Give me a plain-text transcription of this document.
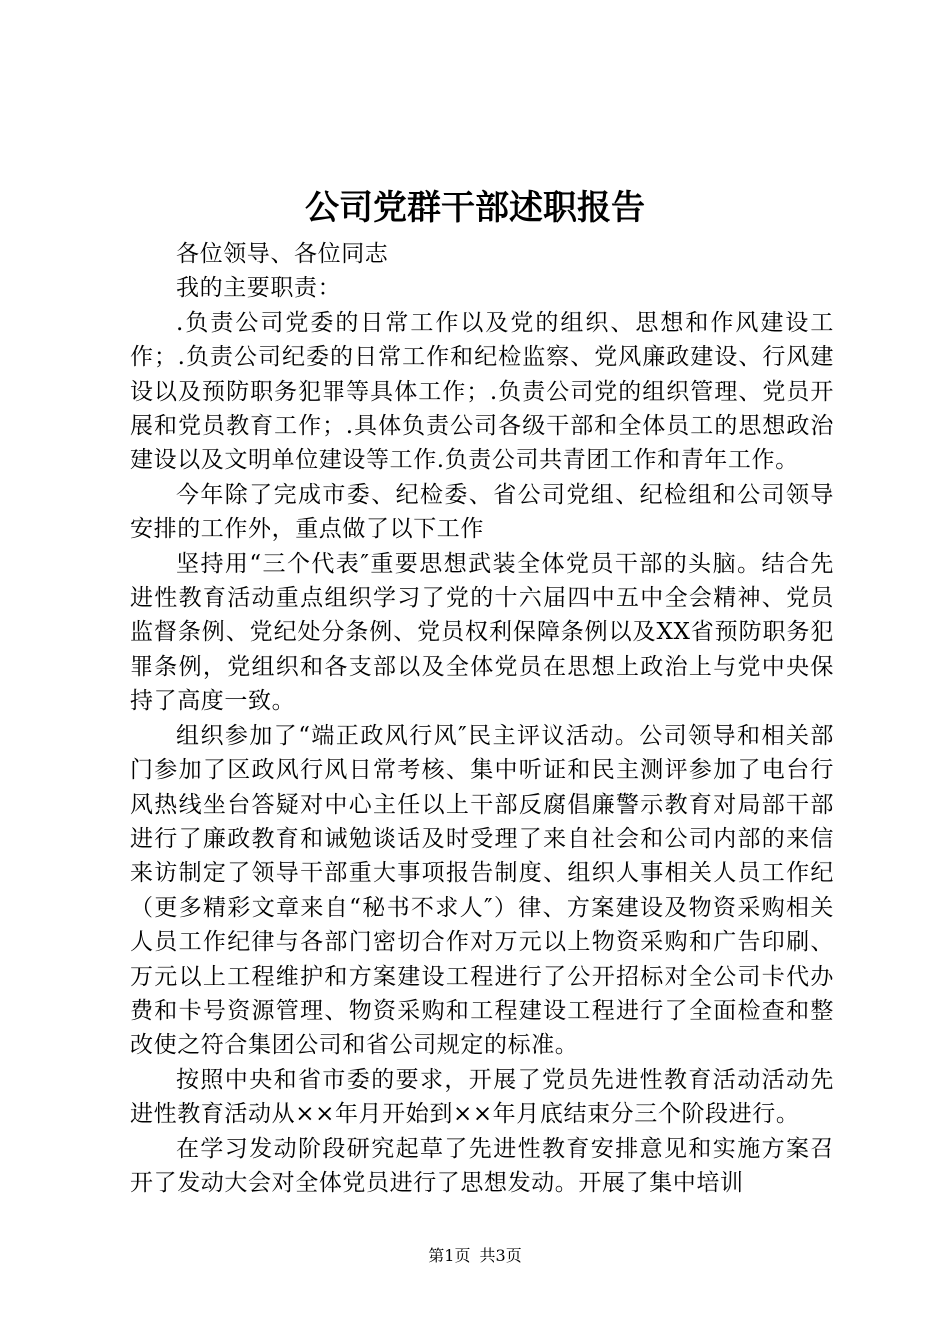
公司党群干部述职报告

各位领导、各位同志

我的主要职责：

.负责公司党委的日常工作以及党的组织、思想和作风建设工作；.负责公司纪委的日常工作和纪检监察、党风廉政建设、行风建设以及预防职务犯罪等具体工作；.负责公司党的组织管理、党员开展和党员教育工作；.具体负责公司各级干部和全体员工的思想政治建设以及文明单位建设等工作.负责公司共青团工作和青年工作。

今年除了完成市委、纪检委、省公司党组、纪检组和公司领导安排的工作外，重点做了以下工作

坚持用“三个代表″重要思想武装全体党员干部的头脑。结合先进性教育活动重点组织学习了党的十六届四中五中全会精神、党员监督条例、党纪处分条例、党员权利保障条例以及XX省预防职务犯罪条例，党组织和各支部以及全体党员在思想上政治上与党中央保持了高度一致。

组织参加了“端正政风行风″民主评议活动。公司领导和相关部门参加了区政风行风日常考核、集中听证和民主测评参加了电台行风热线坐台答疑对中心主任以上干部反腐倡廉警示教育对局部干部进行了廉政教育和诫勉谈话及时受理了来自社会和公司内部的来信来访制定了领导干部重大事项报告制度、组织人事相关人员工作纪（更多精彩文章来自“秘书不求人″）律、方案建设及物资采购相关人员工作纪律与各部门密切合作对万元以上物资采购和广告印刷、万元以上工程维护和方案建设工程进行了公开招标对全公司卡代办费和卡号资源管理、物资采购和工程建设工程进行了全面检查和整改使之符合集团公司和省公司规定的标准。

按照中央和省市委的要求，开展了党员先进性教育活动活动先进性教育活动从××年月开始到××年月底结束分三个阶段进行。

在学习发动阶段研究起草了先进性教育安排意见和实施方案召开了发动大会对全体党员进行了思想发动。开展了集中培训

第1页 共3页
